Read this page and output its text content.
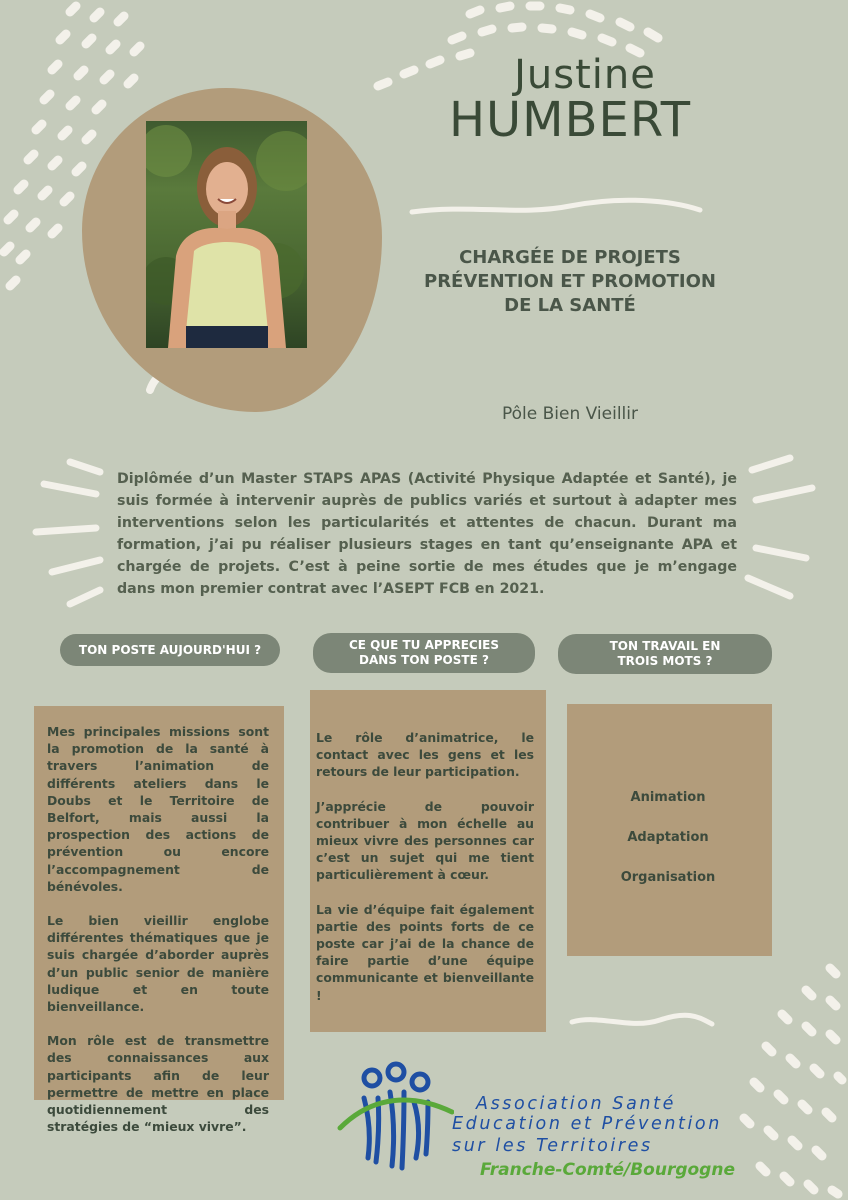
Justine
HUMBERT
CHARGÉE DE PROJETS PRÉVENTION ET PROMOTION DE LA SANTÉ
Pôle Bien Vieillir
Diplômée d’un Master STAPS APAS (Activité Physique Adaptée et Santé), je suis formée à intervenir auprès de publics variés et surtout à adapter mes interventions selon les particularités et attentes de chacun. Durant ma formation, j’ai pu réaliser plusieurs stages en tant qu’enseignante APA et chargée de projets. C’est à peine sortie de mes études que je m’engage dans mon premier contrat avec l’ASEPT FCB en 2021.
TON POSTE AUJOURD'HUI ?	CE QUE TU APPRECIES DANS TON POSTE ?
TON TRAVAIL EN TROIS MOTS ?

Mes principales missions sont la promotion de la santé à travers l’animation de différents ateliers dans le Doubs et le Territoire de Belfort, mais aussi la prospection des actions de prévention ou encore l’accompagnement de bénévoles.

Le bien vieillir englobe différentes thématiques que je suis chargée d’aborder auprès d’un public senior de manière ludique et en toute bienveillance.

Mon rôle est de transmettre des connaissances aux participants afin de leur permettre de mettre en place quotidiennement des stratégies de “mieux vivre”.

Le rôle d’animatrice, le contact avec les gens et les retours de leur participation.

J’apprécie de pouvoir contribuer à mon échelle au mieux vivre des personnes car c’est un sujet qui me tient particulièrement à cœur.

La vie d’équipe fait également partie des points forts de ce poste car j’ai de la chance de faire partie d’une équipe communicante et bienveillante !

Animation
Adaptation
Organisation
Association Santé
Education et Prévention
sur les Territoires
Franche-Comté/Bourgogne
